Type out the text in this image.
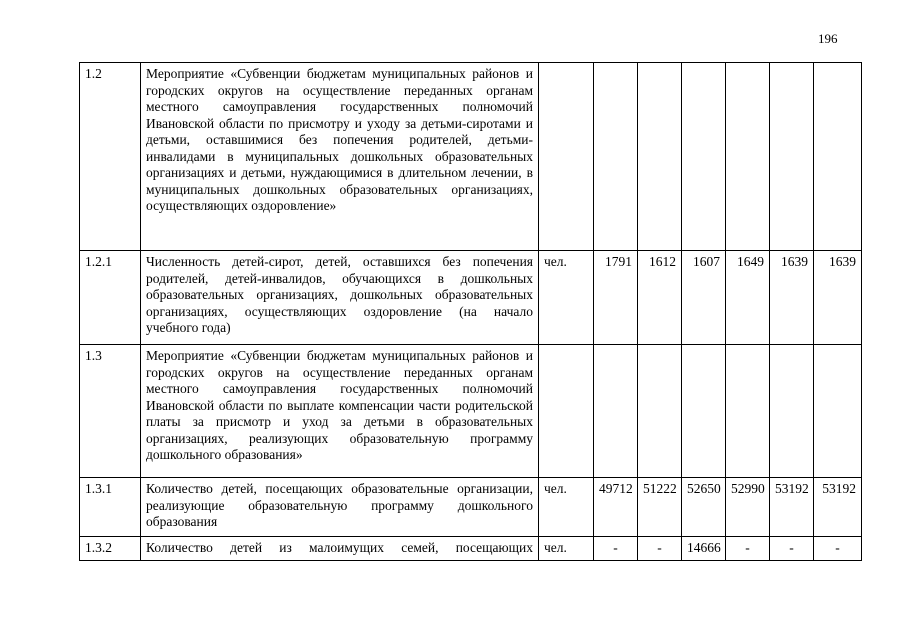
196
1.2	Мероприятие «Субвенции бюджетам муниципальных районов и городских округов на осуществление переданных органам местного самоуправления государственных полномочий Ивановской области по присмотру и уходу за детьми-сиротами и детьми, оставшимися без попечения родителей, детьми-инвалидами в муниципальных дошкольных образовательных организациях и детьми, нуждающимися в длительном лечении, в муниципальных дошкольных образовательных организациях, осуществляющих оздоровление»							
1.2.1	Численность детей-сирот, детей, оставшихся без попечения родителей, детей-инвалидов, обучающихся в дошкольных образовательных организациях, дошкольных образовательных организациях, осуществляющих оздоровление (на начало учебного года)	чел.	1791	1612	1607	1649	1639	1639
1.3	Мероприятие «Субвенции бюджетам муниципальных районов и городских округов на осуществление переданных органам местного самоуправления государственных полномочий Ивановской области по выплате компенсации части родительской платы за присмотр и уход за детьми в образовательных организациях, реализующих образовательную программу дошкольного образования»							
1.3.1	Количество детей, посещающих образовательные организации, реализующие образовательную программу дошкольного образования	чел.	49712	51222	52650	52990	53192	53192
1.3.2	Количество детей из малоимущих семей, посещающих	чел.	-	-	14666	-	-	-
